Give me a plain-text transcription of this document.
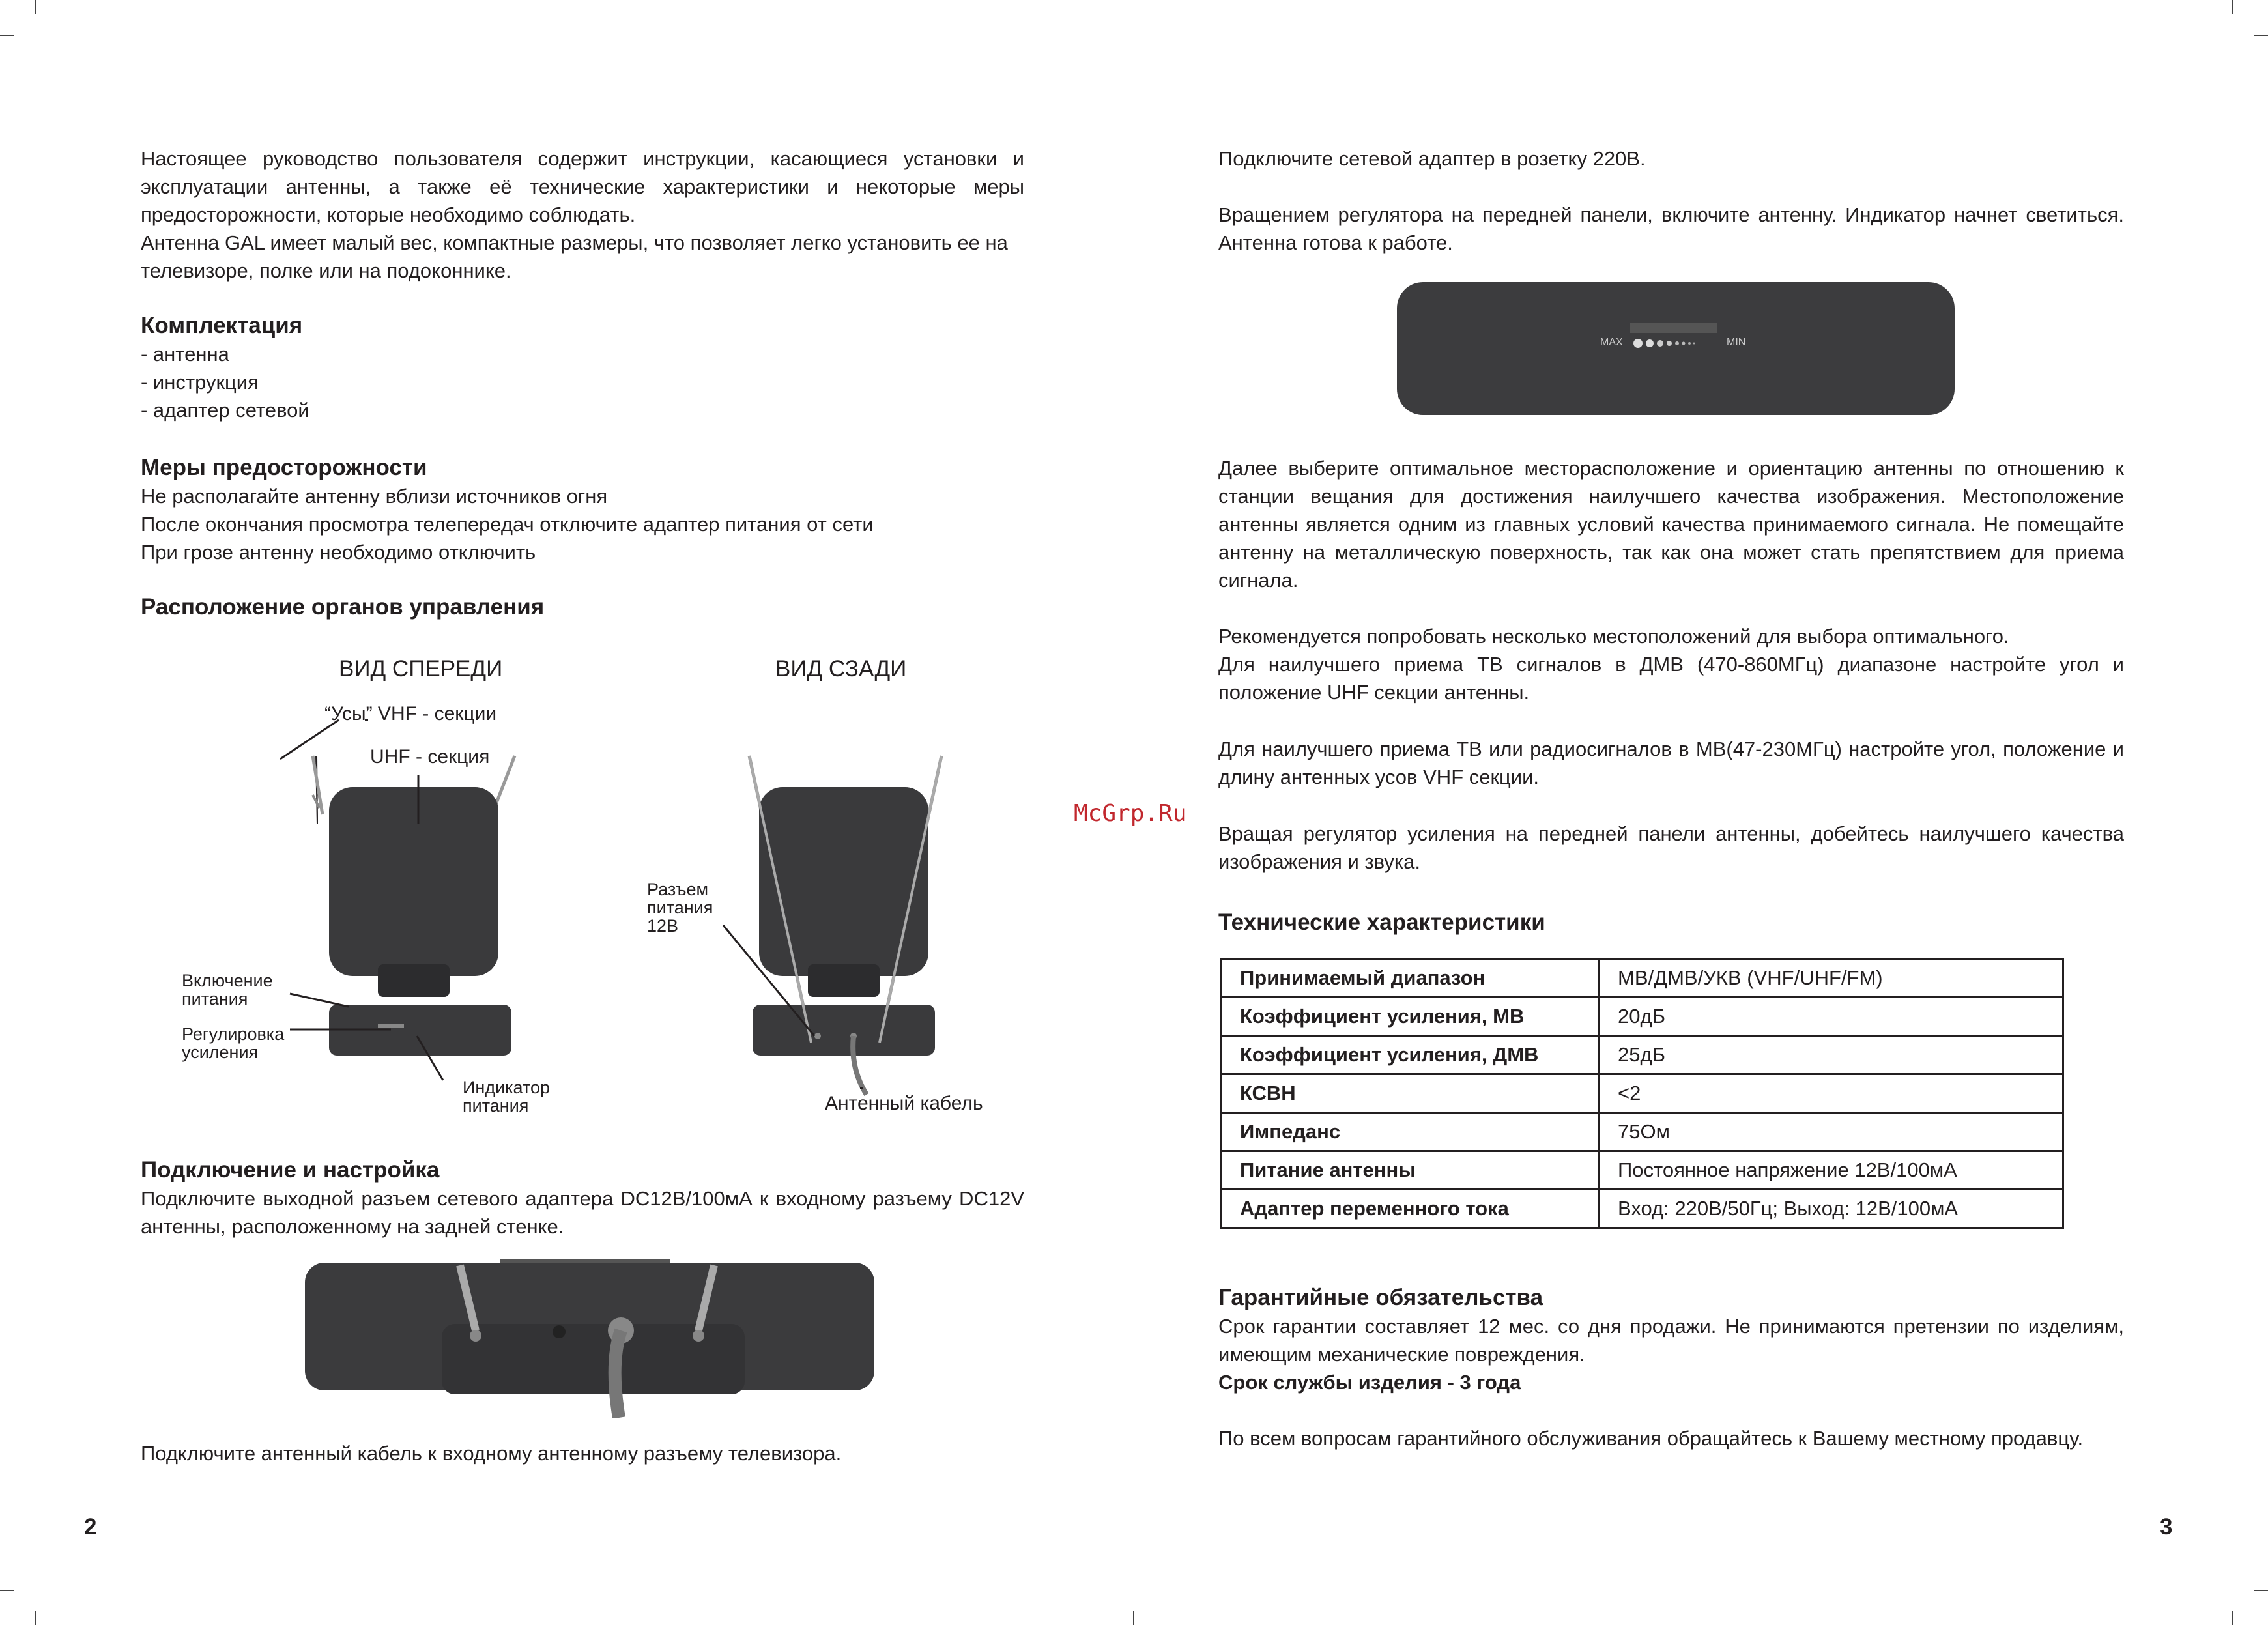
Настоящее руководство пользователя содержит инструкции, касающиеся установки и эксплуатации антенны, а также её технические характеристики и некоторые меры предосторожности, которые необходимо соблюдать.

Антенна GAL имеет малый вес, компактные размеры, что позволяет легко установить ее на телевизоре, полке или на подоконнике.

Комплектация

- антенна

- инструкция

- адаптер сетевой

Меры предосторожности

Не располагайте антенну вблизи источников огня

После окончания просмотра телепередач отключите адаптер питания от сети

При грозе антенну необходимо отключить

Расположение органов управления

ВИД СПЕРЕДИ	ВИД СЗАДИ
“Усы” VHF - секции
UHF - секция
Включение
питания
Регулировка
усиления
Индикатор
питания
Разъем
питания
12В
Антенный кабель

Подключение и настройка

Подключите выходной разъем сетевого адаптера DC12В/100мА к входному разъему DC12V антенны, расположенному на задней стенке.

Подключите антенный кабель к входному антенному разъему телевизора.

2
McGrp.Ru

Подключите сетевой адаптер в розетку 220В.

Вращением регулятора на передней панели, включите антенну. Индикатор начнет светиться. Антенна готова к работе.

MAX	MIN

Далее выберите оптимальное месторасположение и ориентацию антенны по отношению к станции вещания для достижения наилучшего качества изображения. Местоположение антенны является одним из главных условий качества принимаемого сигнала. Не помещайте антенну на металлическую поверхность, так как она может стать препятствием для приема сигнала.

Рекомендуется попробовать несколько местоположений для выбора оптимального.

Для наилучшего приема ТВ сигналов в ДМВ (470-860МГц) диапазоне настройте угол и положение UHF секции антенны.

Для наилучшего приема ТВ или радиосигналов в МВ(47-230МГц) настройте угол, положение и длину антенных усов VHF секции.

Вращая регулятор усиления на передней панели антенны, добейтесь наилучшего качества изображения и звука.

Технические характеристики

Принимаемый диапазон	МВ/ДМВ/УКВ (VHF/UHF/FM)
Коэффициент усиления, МВ	20дБ
Коэффициент усиления, ДМВ	25дБ
КСВН	<2
Импеданс	75Ом
Питание антенны	Постоянное напряжение 12В/100мА
Адаптер переменного тока	Вход: 220В/50Гц; Выход: 12В/100мА

Гарантийные обязательства

Срок гарантии составляет 12 мес. со дня продажи. Не принимаются претензии по изделиям, имеющим механические повреждения.

Срок службы изделия - 3 года

По всем вопросам гарантийного обслуживания обращайтесь к Вашему местному продавцу.

3
